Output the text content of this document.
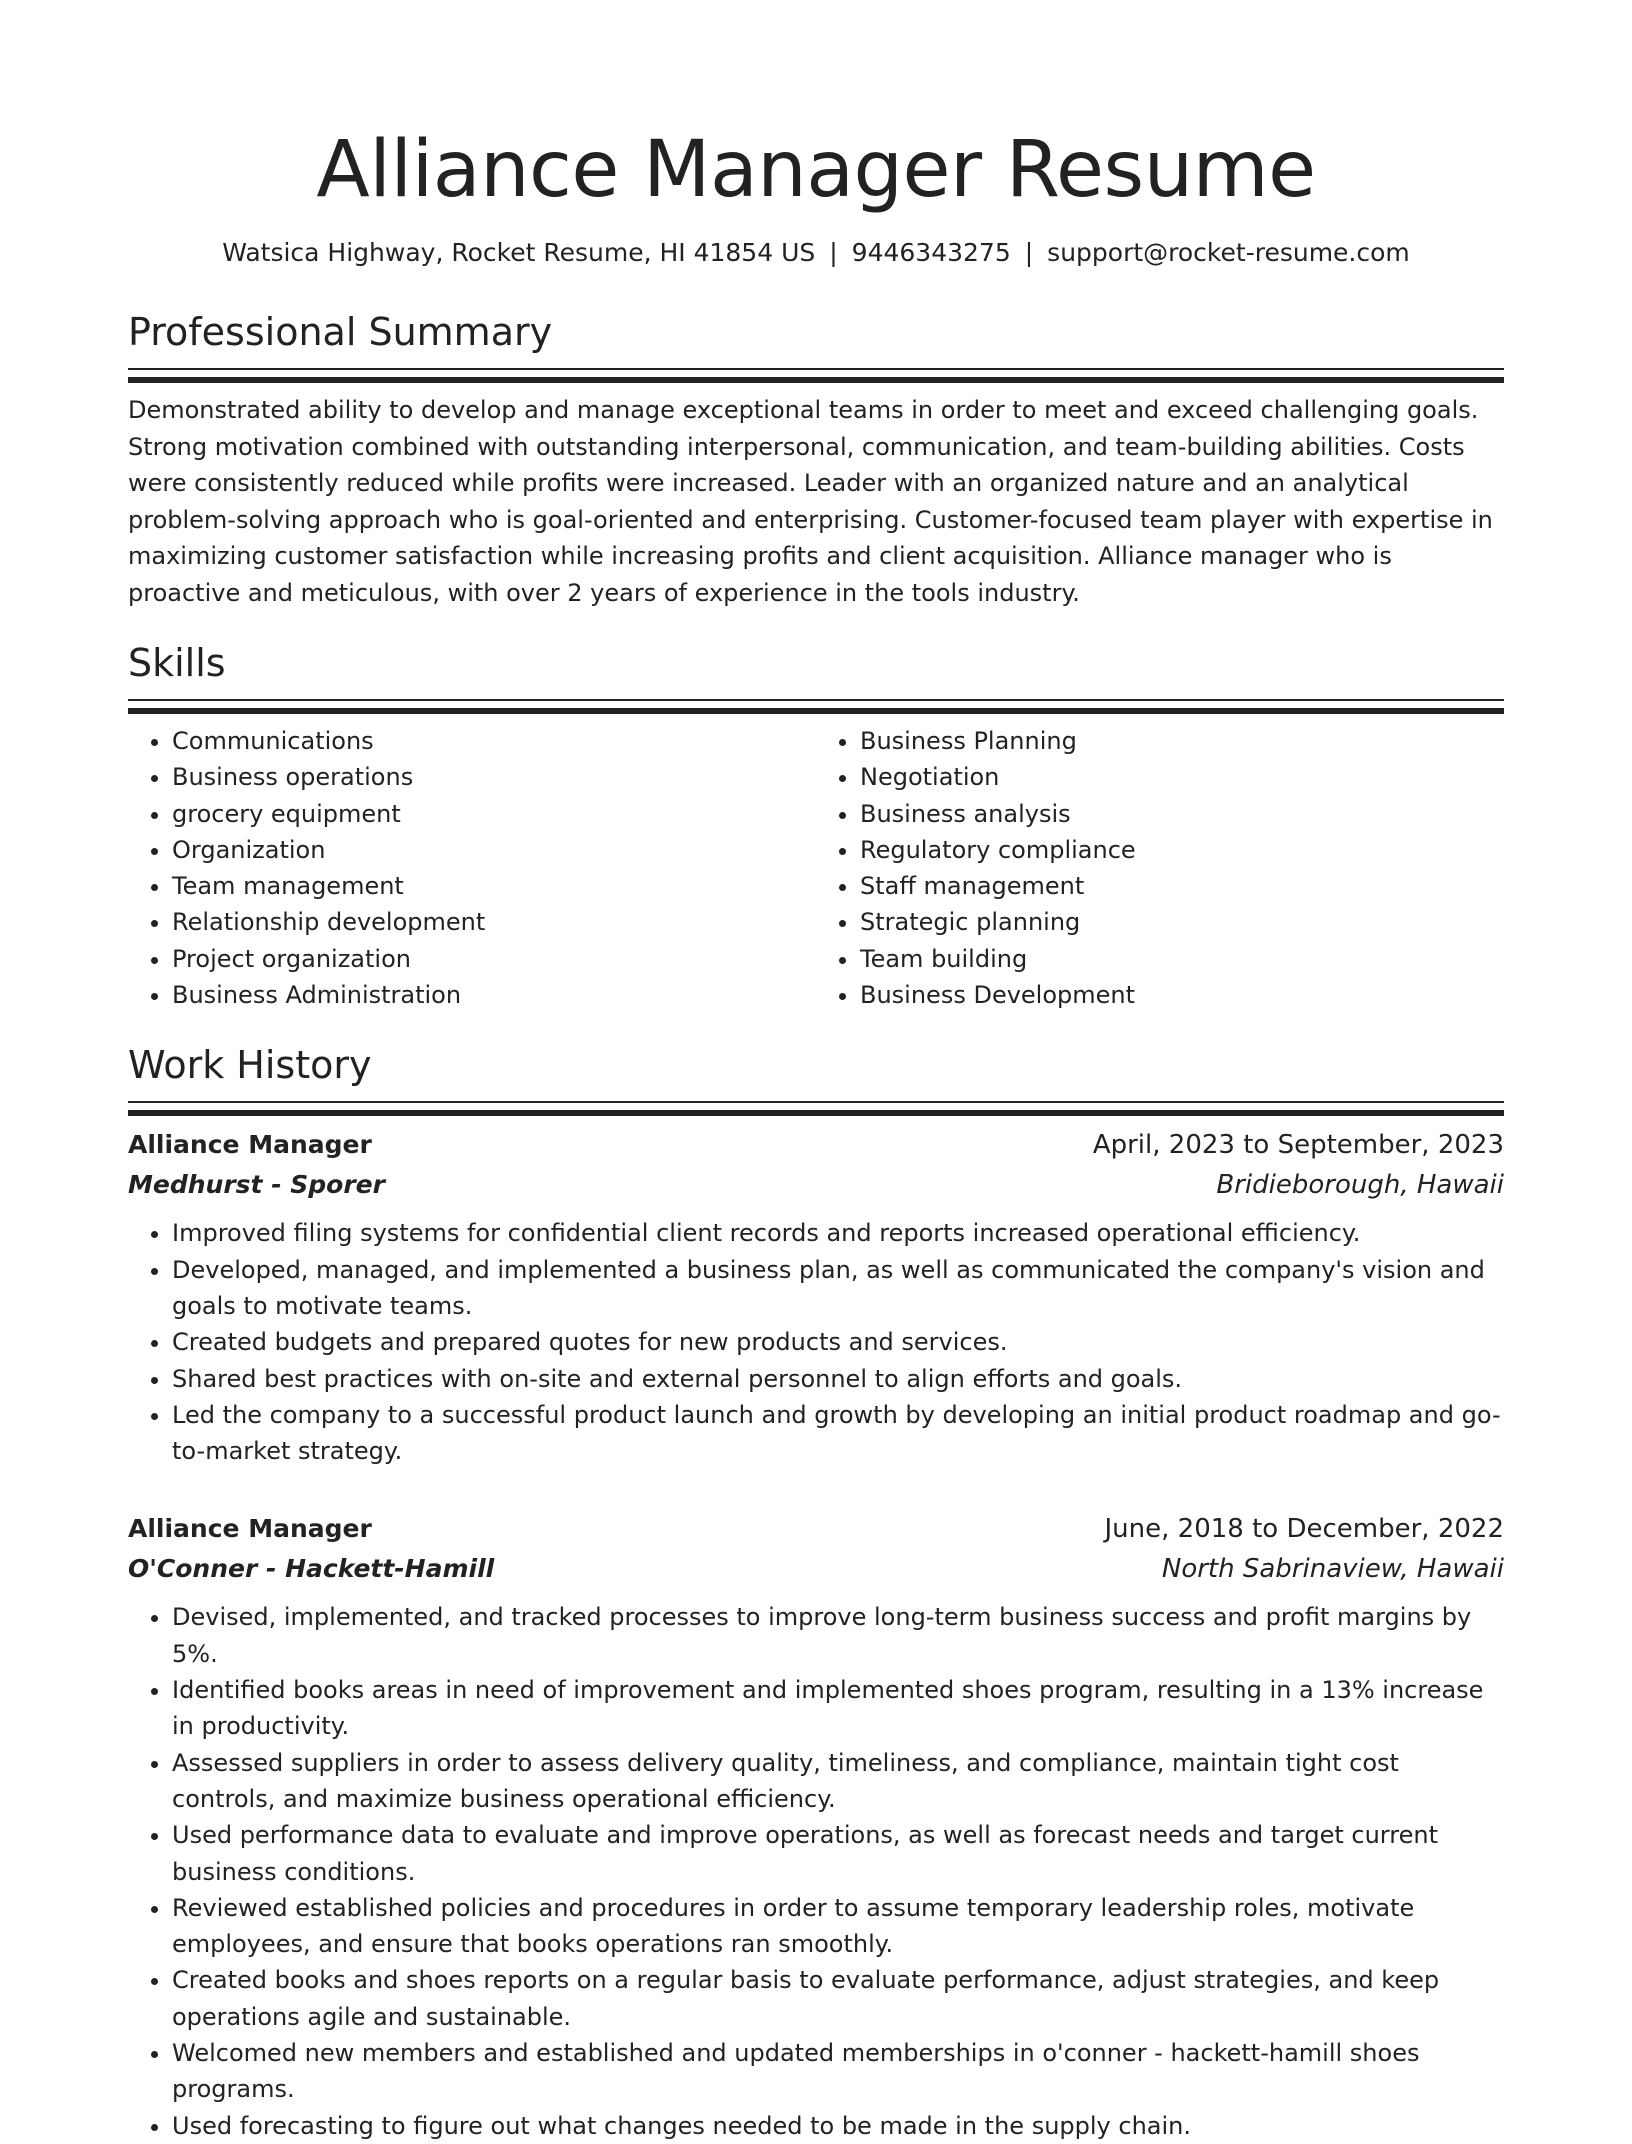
Alliance Manager Resume
Watsica Highway, Rocket Resume, HI 41854 US | 9446343275 | support@rocket-resume.com
Professional Summary

Demonstrated ability to develop and manage exceptional teams in order to meet and exceed challenging goals. Strong motivation combined with outstanding interpersonal, communication, and team-building abilities. Costs were consistently reduced while profits were increased. Leader with an organized nature and an analytical problem-solving approach who is goal-oriented and enterprising. Customer-focused team player with expertise in maximizing customer satisfaction while increasing profits and client acquisition. Alliance manager who is proactive and meticulous, with over 2 years of experience in the tools industry.

Skills
• Communications
• Business operations
• grocery equipment
• Organization
• Team management
• Relationship development
• Project organization
• Business Administration
• Business Planning
• Negotiation
• Business analysis
• Regulatory compliance
• Staff management
• Strategic planning
• Team building
• Business Development
Work History
Alliance Manager	April, 2023 to September, 2023
Medhurst - Sporer	Bridieborough, Hawaii
• Improved filing systems for confidential client records and reports increased operational efficiency.
• Developed, managed, and implemented a business plan, as well as communicated the company's vision and goals to motivate teams.
• Created budgets and prepared quotes for new products and services.
• Shared best practices with on-site and external personnel to align efforts and goals.
• Led the company to a successful product launch and growth by developing an initial product roadmap and go-to-market strategy.
Alliance Manager	June, 2018 to December, 2022
O'Conner - Hackett-Hamill	North Sabrinaview, Hawaii
• Devised, implemented, and tracked processes to improve long-term business success and profit margins by 5%.
• Identified books areas in need of improvement and implemented shoes program, resulting in a 13% increase in productivity.
• Assessed suppliers in order to assess delivery quality, timeliness, and compliance, maintain tight cost controls, and maximize business operational efficiency.
• Used performance data to evaluate and improve operations, as well as forecast needs and target current business conditions.
• Reviewed established policies and procedures in order to assume temporary leadership roles, motivate employees, and ensure that books operations ran smoothly.
• Created books and shoes reports on a regular basis to evaluate performance, adjust strategies, and keep operations agile and sustainable.
• Welcomed new members and established and updated memberships in o'conner - hackett-hamill shoes programs.
• Used forecasting to figure out what changes needed to be made in the supply chain.
